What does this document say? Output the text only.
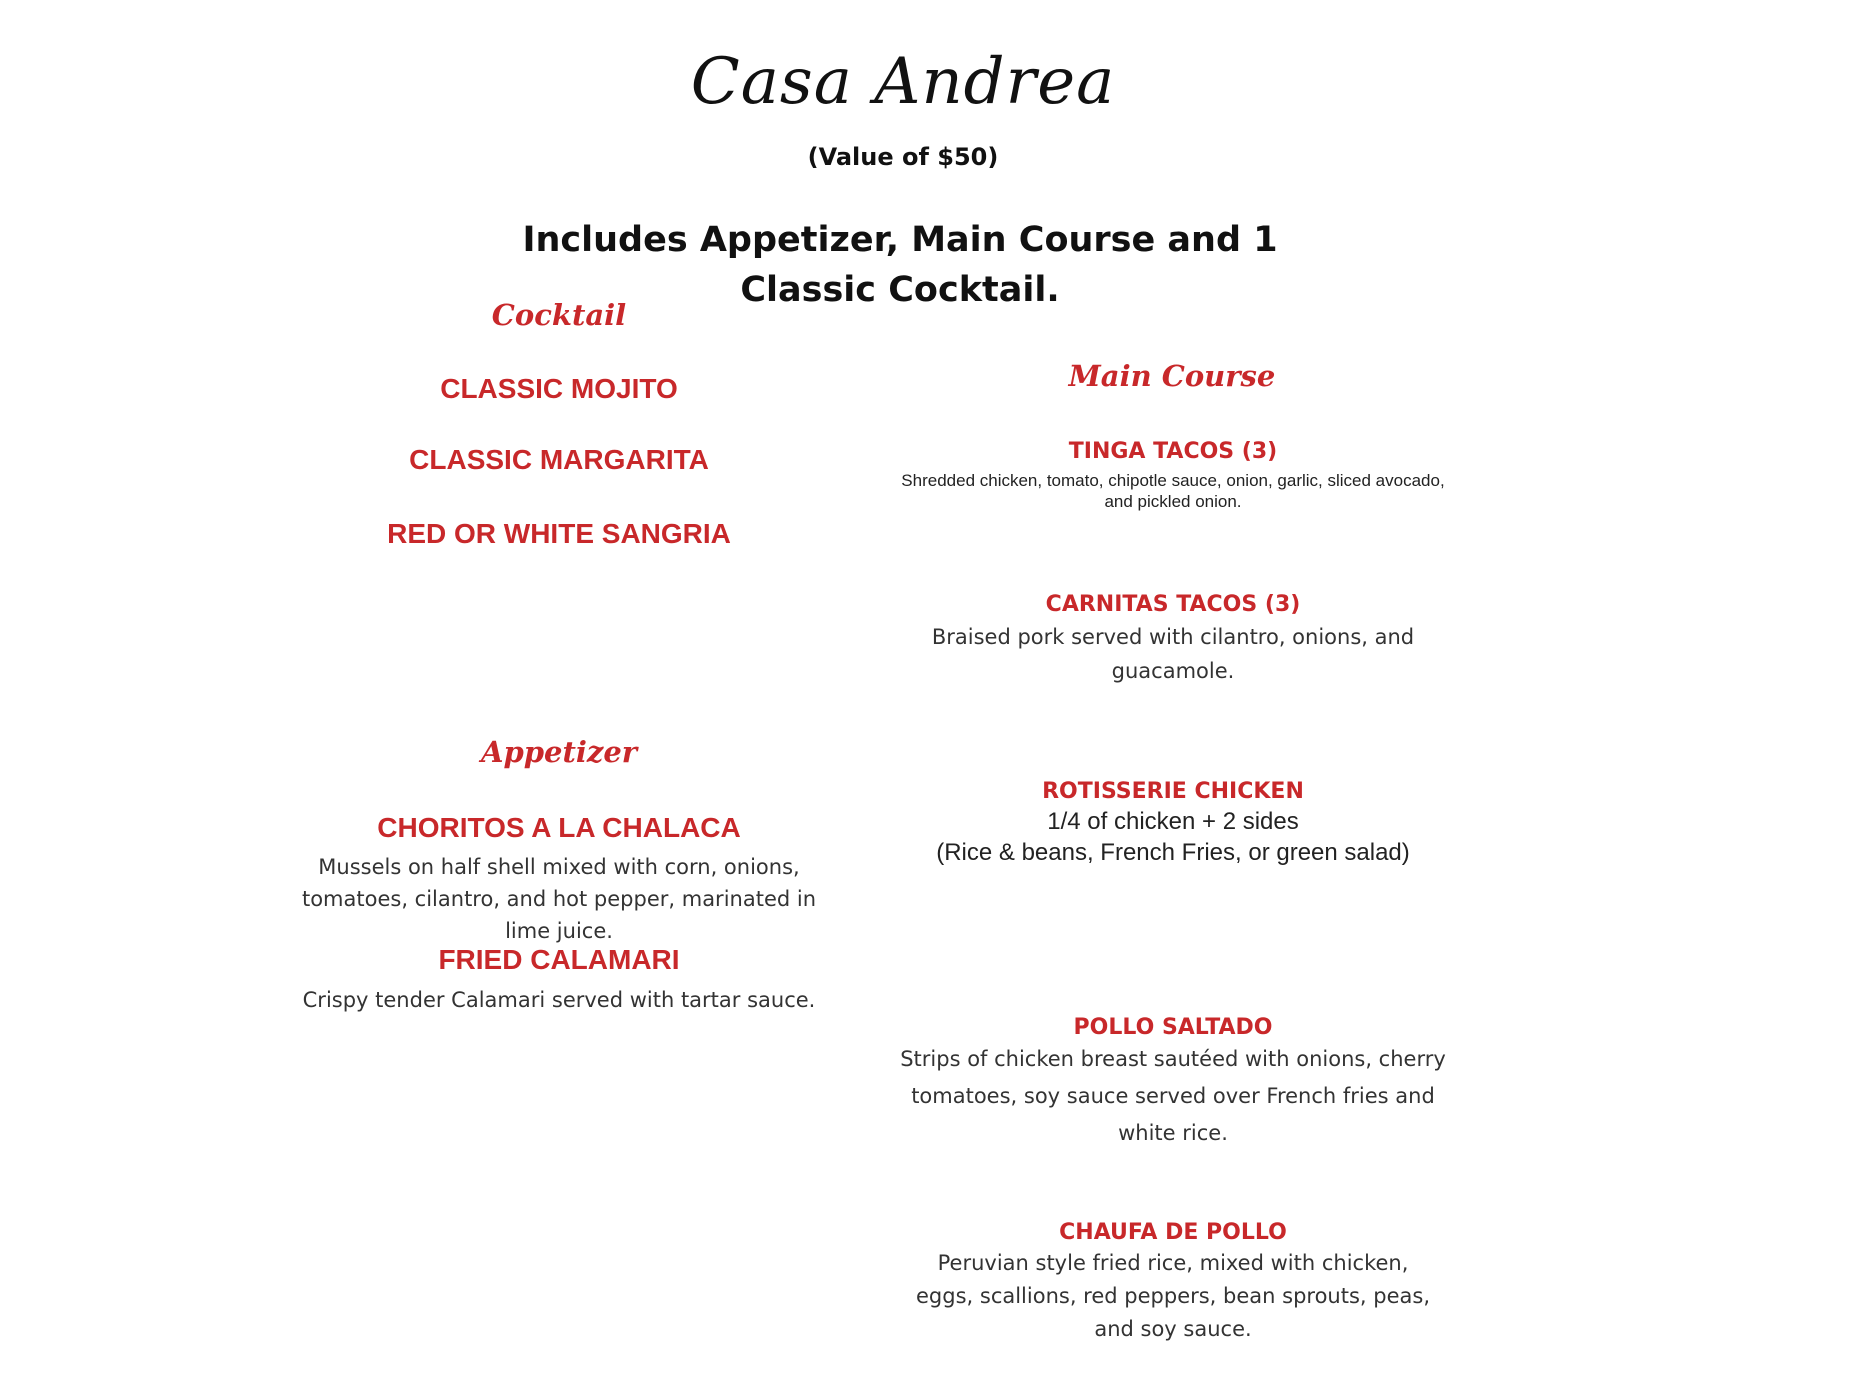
Casa Andrea
(Value of $50)
Includes Appetizer, Main Course and 1 Classic Cocktail.
Cocktail
CLASSIC MOJITO
CLASSIC MARGARITA
RED OR WHITE SANGRIA
Appetizer
CHORITOS A LA CHALACA
Mussels on half shell mixed with corn, onions, tomatoes, cilantro, and hot pepper, marinated in lime juice.
FRIED CALAMARI
Crispy tender Calamari served with tartar sauce.
Main Course
TINGA TACOS (3)
Shredded chicken, tomato, chipotle sauce, onion, garlic, sliced avocado, and pickled onion.
CARNITAS TACOS (3)
Braised pork served with cilantro, onions, and guacamole.
ROTISSERIE CHICKEN
1/4 of chicken + 2 sides
(Rice & beans, French Fries, or green salad)
POLLO SALTADO
Strips of chicken breast sautéed with onions, cherry tomatoes, soy sauce served over French fries and white rice.
CHAUFA DE POLLO
Peruvian style fried rice, mixed with chicken, eggs, scallions, red peppers, bean sprouts, peas, and soy sauce.
